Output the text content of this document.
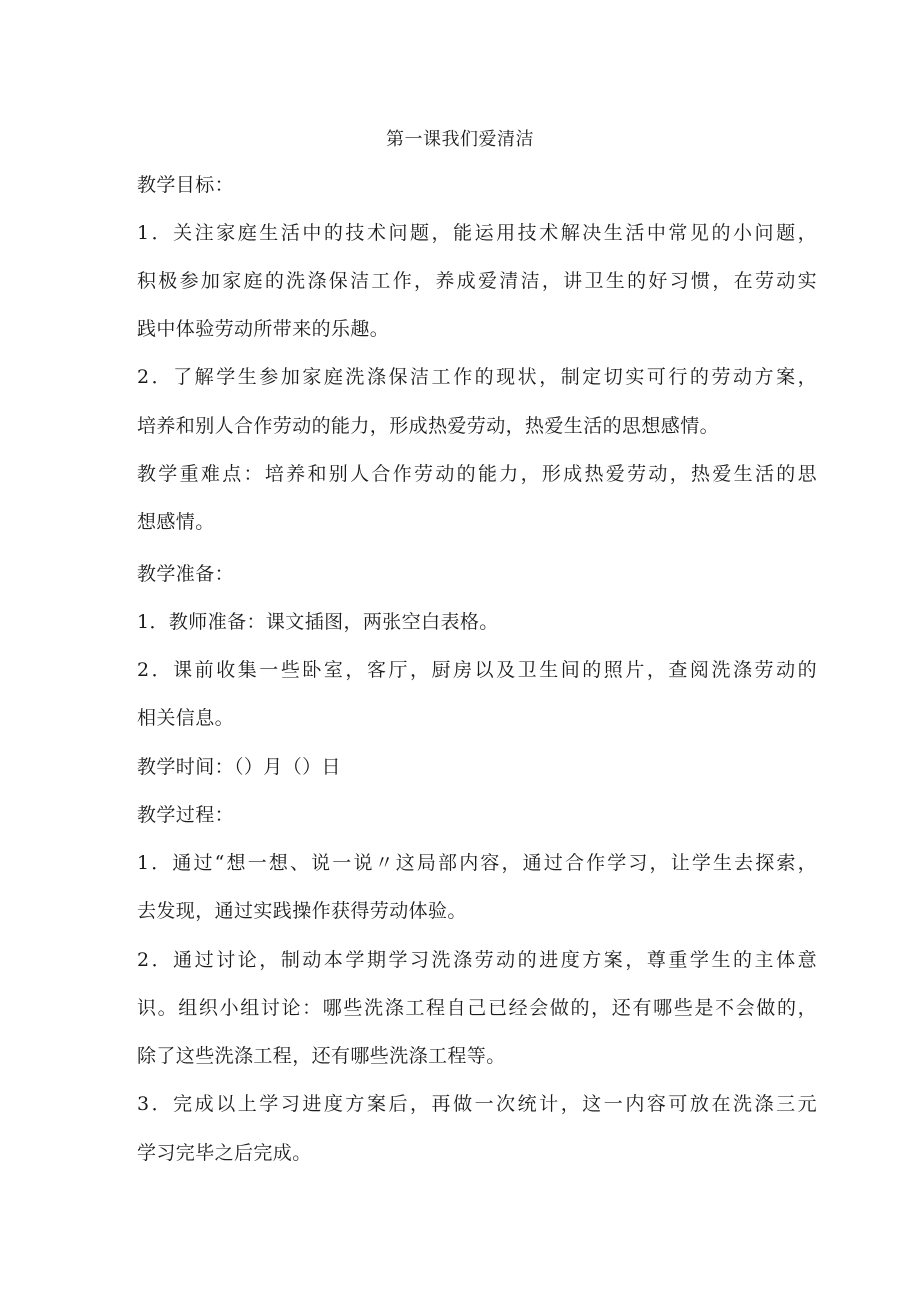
第一课我们爱清洁
教学目标：
1．关注家庭生活中的技术问题，能运用技术解决生活中常见的小问题，
积极参加家庭的洗涤保洁工作，养成爱清洁，讲卫生的好习惯，在劳动实
践中体验劳动所带来的乐趣。
2．了解学生参加家庭洗涤保洁工作的现状，制定切实可行的劳动方案，
培养和别人合作劳动的能力，形成热爱劳动，热爱生活的思想感情。
教学重难点：培养和别人合作劳动的能力，形成热爱劳动，热爱生活的思
想感情。
教学准备：
1．教师准备：课文插图，两张空白表格。
2．课前收集一些卧室，客厅，厨房以及卫生间的照片，查阅洗涤劳动的
相关信息。
教学时间：（）月（）日
教学过程：
1．通过“想一想、说一说〃这局部内容，通过合作学习，让学生去探索，
去发现，通过实践操作获得劳动体验。
2．通过讨论，制动本学期学习洗涤劳动的进度方案，尊重学生的主体意
识。组织小组讨论：哪些洗涤工程自己已经会做的，还有哪些是不会做的，
除了这些洗涤工程，还有哪些洗涤工程等。
3．完成以上学习进度方案后，再做一次统计，这一内容可放在洗涤三元
学习完毕之后完成。
